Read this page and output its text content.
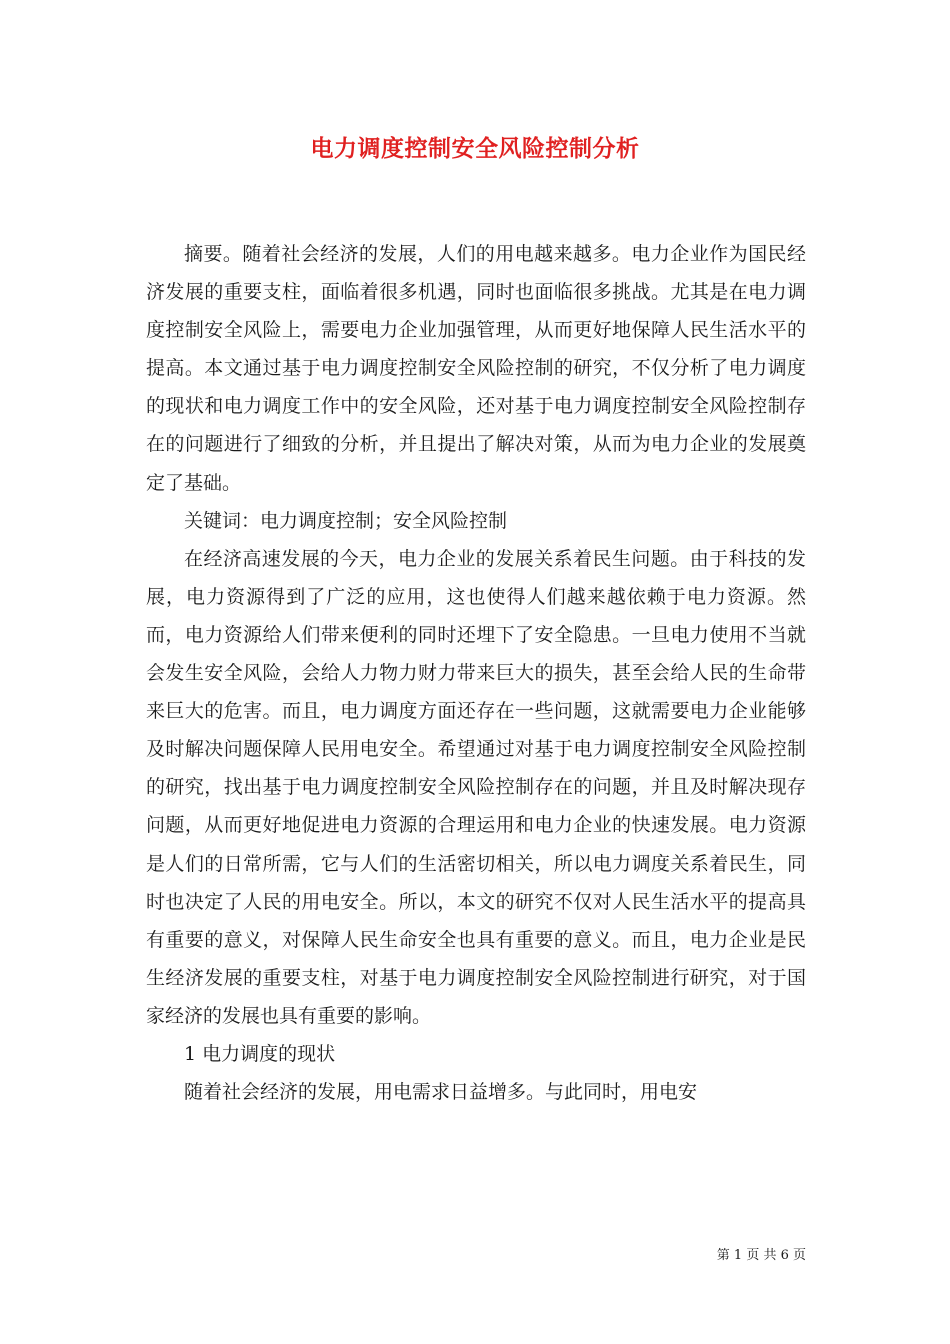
电力调度控制安全风险控制分析

摘要。随着社会经济的发展，人们的用电越来越多。电力企业作为国民经济发展的重要支柱，面临着很多机遇，同时也面临很多挑战。尤其是在电力调度控制安全风险上，需要电力企业加强管理，从而更好地保障人民生活水平的提高。本文通过基于电力调度控制安全风险控制的研究，不仅分析了电力调度的现状和电力调度工作中的安全风险，还对基于电力调度控制安全风险控制存在的问题进行了细致的分析，并且提出了解决对策，从而为电力企业的发展奠定了基础。

关键词：电力调度控制；安全风险控制

在经济高速发展的今天，电力企业的发展关系着民生问题。由于科技的发展，电力资源得到了广泛的应用，这也使得人们越来越依赖于电力资源。然而，电力资源给人们带来便利的同时还埋下了安全隐患。一旦电力使用不当就会发生安全风险，会给人力物力财力带来巨大的损失，甚至会给人民的生命带来巨大的危害。而且，电力调度方面还存在一些问题，这就需要电力企业能够及时解决问题保障人民用电安全。希望通过对基于电力调度控制安全风险控制的研究，找出基于电力调度控制安全风险控制存在的问题，并且及时解决现存问题，从而更好地促进电力资源的合理运用和电力企业的快速发展。电力资源是人们的日常所需，它与人们的生活密切相关，所以电力调度关系着民生，同时也决定了人民的用电安全。所以，本文的研究不仅对人民生活水平的提高具有重要的意义，对保障人民生命安全也具有重要的意义。而且，电力企业是民生经济发展的重要支柱，对基于电力调度控制安全风险控制进行研究，对于国家经济的发展也具有重要的影响。

1 电力调度的现状

随着社会经济的发展，用电需求日益增多。与此同时，用电安

第 1 页 共 6 页
